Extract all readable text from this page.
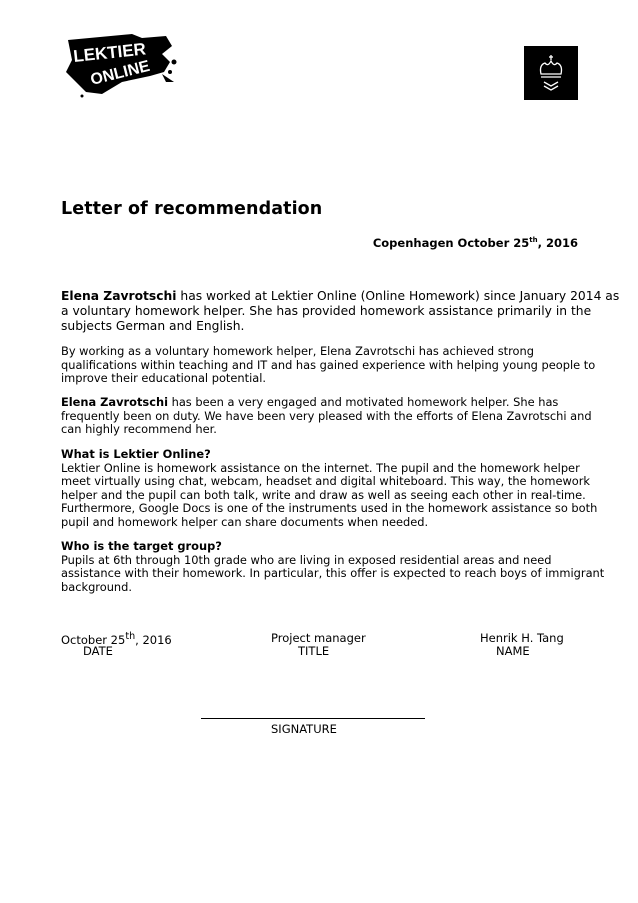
LEKTIER
ONLINE
Letter of recommendation
Copenhagen October 25th, 2016
Elena Zavrotschi has worked at Lektier Online (Online Homework) since January 2014 as
a voluntary homework helper. She has provided homework assistance primarily in the
subjects German and English.
By working as a voluntary homework helper, Elena Zavrotschi has achieved strong
qualifications within teaching and IT and has gained experience with helping young people to
improve their educational potential.
Elena Zavrotschi has been a very engaged and motivated homework helper. She has
frequently been on duty. We have been very pleased with the efforts of Elena Zavrotschi and
can highly recommend her.
What is Lektier Online?
Lektier Online is homework assistance on the internet. The pupil and the homework helper
meet virtually using chat, webcam, headset and digital whiteboard. This way, the homework
helper and the pupil can both talk, write and draw as well as seeing each other in real-time.
Furthermore, Google Docs is one of the instruments used in the homework assistance so both
pupil and homework helper can share documents when needed.
Who is the target group?
Pupils at 6th through 10th grade who are living in exposed residential areas and need
assistance with their homework. In particular, this offer is expected to reach boys of immigrant
background.
October 25th, 2016
DATE
Project manager
TITLE
Henrik H. Tang
NAME
SIGNATURE
